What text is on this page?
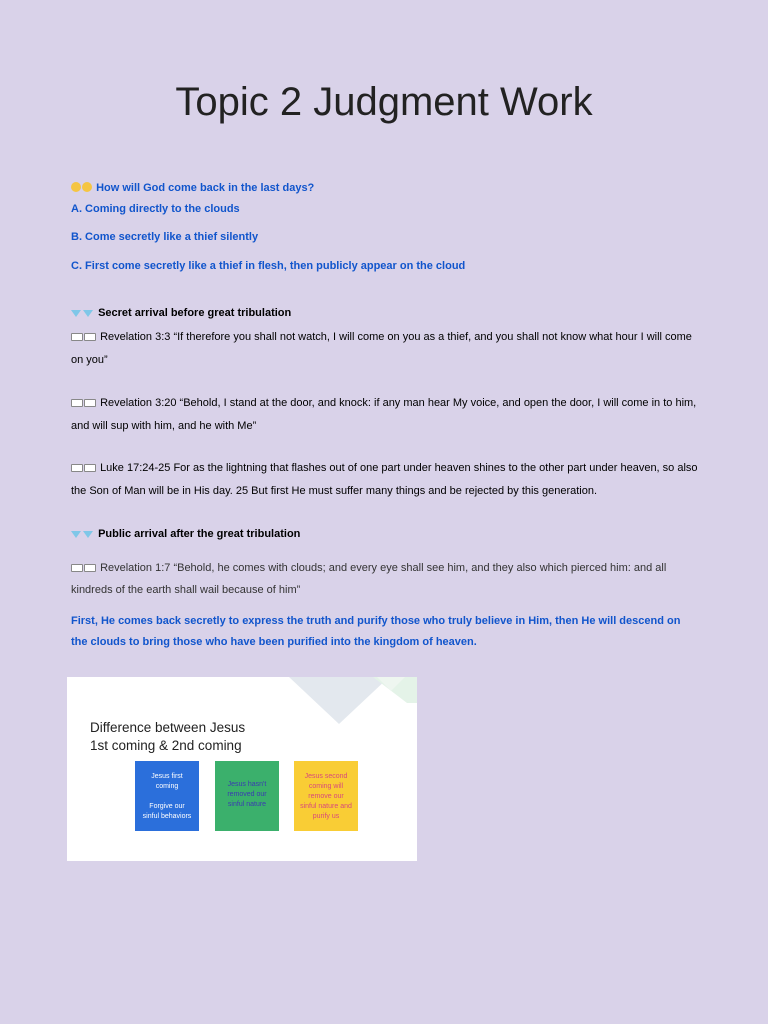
Topic 2 Judgment Work
How will God come back in the last days?
A. Coming directly to the clouds
B. Come secretly like a thief silently
C. First come secretly like a thief in flesh, then publicly appear on the cloud
Secret arrival before great tribulation
Revelation 3:3 “If therefore you shall not watch, I will come on you as a thief, and you shall not know what hour I will come
on you”
Revelation 3:20 “Behold, I stand at the door, and knock: if any man hear My voice, and open the door, I will come in to him,
and will sup with him, and he with Me”
Luke 17:24-25 For as the lightning that flashes out of one part under heaven shines to the other part under heaven, so also
the Son of Man will be in His day. 25 But first He must suffer many things and be rejected by this generation.
Public arrival after the great tribulation
Revelation 1:7 “Behold, he comes with clouds; and every eye shall see him, and they also which pierced him: and all
kindreds of the earth shall wail because of him”
First, He comes back secretly to express the truth and purify those who truly believe in Him, then He will descend on
the clouds to bring those who have been purified into the kingdom of heaven.
Difference between Jesus
1st coming & 2nd coming
Jesus first
coming
Forgive our
sinful behaviors
Jesus hasn't
removed our
sinful nature
Jesus second
coming will
remove our
sinful nature and
purify us
